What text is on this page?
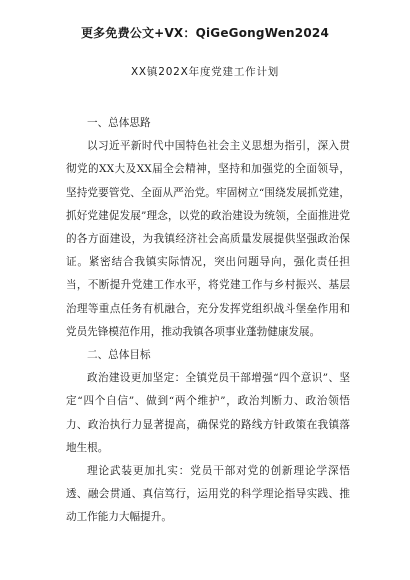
更多免费公文+VX：QiGeGongWen2024
XX镇202X年度党建工作计划

一、总体思路

以习近平新时代中国特色社会主义思想为指引，深入贯彻党的XX大及XX届全会精神，坚持和加强党的全面领导，坚持党要管党、全面从严治党。牢固树立“围绕发展抓党建，抓好党建促发展”理念，以党的政治建设为统领，全面推进党的各方面建设，为我镇经济社会高质量发展提供坚强政治保证。紧密结合我镇实际情况，突出问题导向，强化责任担当，不断提升党建工作水平，将党建工作与乡村振兴、基层治理等重点任务有机融合，充分发挥党组织战斗堡垒作用和党员先锋模范作用，推动我镇各项事业蓬勃健康发展。

二、总体目标

政治建设更加坚定：全镇党员干部增强“四个意识”、坚定“四个自信”、做到“两个维护”，政治判断力、政治领悟力、政治执行力显著提高，确保党的路线方针政策在我镇落地生根。

理论武装更加扎实：党员干部对党的创新理论学深悟透、融会贯通、真信笃行，运用党的科学理论指导实践、推动工作能力大幅提升。
